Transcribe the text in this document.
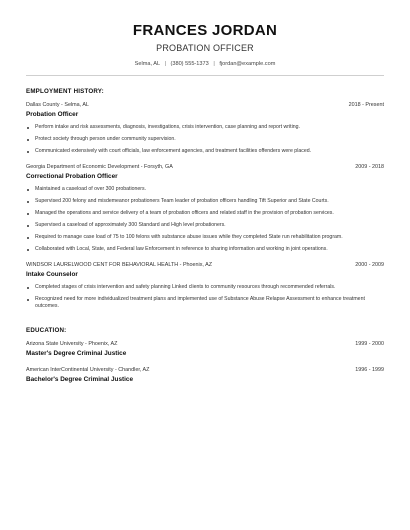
FRANCES JORDAN
PROBATION OFFICER
Selma, AL | (380) 555-1373 | fjordan@example.com
EMPLOYMENT HISTORY:
Dallas County - Selma, AL	2018 - Present
Probation Officer
Perform intake and risk assessments, diagnosis, investigations, crisis intervention, case planning and report writing.
Protect society through person under community supervision.
Communicated extensively with court officials, law enforcement agencies, and treatment facilities offenders were placed.
Georgia Department of Economic Development - Forsyth, GA	2009 - 2018
Correctional Probation Officer
Maintained a caseload of over 300 probationers.
Supervised 200 felony and misdemeanor probationers Team leader of probation officers handling Tift Superior and State Courts.
Managed the operations and service delivery of a team of probation officers and related staff in the provision of probation services.
Supervised a caseload of approximately 300 Standard and High level probationers.
Required to manage case load of 75 to 100 felons with substance abuse issues while they completed State run rehabilitation program.
Collaborated with Local, State, and Federal law Enforcement in reference to sharing information and working in joint operations.
WINDSOR LAURELWOOD CENT FOR BEHAVIORAL HEALTH - Phoenix, AZ	2000 - 2009
Intake Counselor
Completed stages of crisis intervention and safety planning Linked clients to community resources through recommended referrals.
Recognized need for more individualized treatment plans and implemented use of Substance Abuse Relapse Assessment to enhance treatment outcomes.
EDUCATION:
Arizona State University - Phoenix, AZ	1999 - 2000
Master's Degree Criminal Justice
American InterContinental University - Chandler, AZ	1996 - 1999
Bachelor's Degree Criminal Justice
